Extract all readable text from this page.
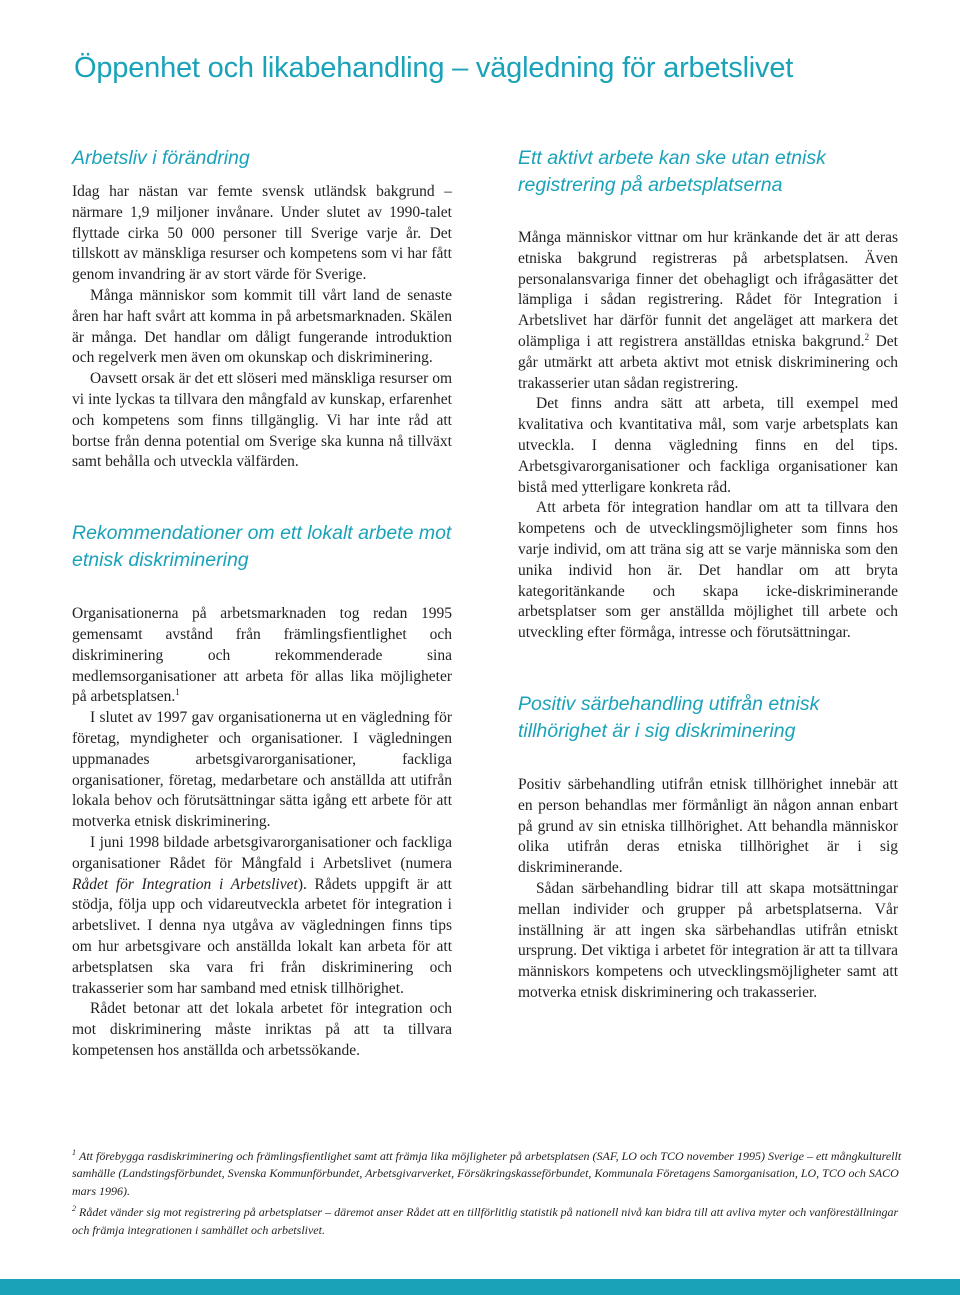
Öppenhet och likabehandling – vägledning för arbetslivet
Arbetsliv i förändring

Idag har nästan var femte svensk utländsk bakgrund – närmare 1,9 miljoner invånare. Under slutet av 1990-talet flyttade cirka 50 000 personer till Sverige varje år. Det tillskott av mänskliga resurser och kompetens som vi har fått genom invandring är av stort värde för Sverige.

Många människor som kommit till vårt land de senaste åren har haft svårt att komma in på arbetsmarknaden. Skälen är många. Det handlar om dåligt fungerande introduktion och regelverk men även om okunskap och diskriminering.

Oavsett orsak är det ett slöseri med mänskliga resurser om vi inte lyckas ta tillvara den mångfald av kunskap, erfarenhet och kompetens som finns tillgänglig. Vi har inte råd att bortse från denna potential om Sverige ska kunna nå tillväxt samt behålla och utveckla välfärden.

Rekommendationer om ett lokalt arbete mot etnisk diskriminering

Organisationerna på arbetsmarknaden tog redan 1995 gemensamt avstånd från främlingsfientlighet och diskriminering och rekommenderade sina medlemsorganisationer att arbeta för allas lika möjligheter på arbetsplatsen.$^1$

I slutet av 1997 gav organisationerna ut en vägledning för företag, myndigheter och organisationer. I vägledningen uppmanades arbetsgivarorganisationer, fackliga organisationer, företag, medarbetare och anställda att utifrån lokala behov och förutsättningar sätta igång ett arbete för att motverka etnisk diskriminering.

I juni 1998 bildade arbetsgivarorganisationer och fackliga organisationer Rådet för Mångfald i Arbetslivet (numera Rådet för Integration i Arbetslivet). Rådets uppgift är att stödja, följa upp och vidareutveckla arbetet för integration i arbetslivet. I denna nya utgåva av vägledningen finns tips om hur arbetsgivare och anställda lokalt kan arbeta för att arbetsplatsen ska vara fri från diskriminering och trakasserier som har samband med etnisk tillhörighet.

Rådet betonar att det lokala arbetet för integration och mot diskriminering måste inriktas på att ta tillvara kompetensen hos anställda och arbetssökande.

Ett aktivt arbete kan ske utan etnisk registrering på arbetsplatserna

Många människor vittnar om hur kränkande det är att deras etniska bakgrund registreras på arbetsplatsen. Även personalansvariga finner det obehagligt och ifrågasätter det lämpliga i sådan registrering. Rådet för Integration i Arbetslivet har därför funnit det angeläget att markera det olämpliga i att registrera anställdas etniska bakgrund.$^2$ Det går utmärkt att arbeta aktivt mot etnisk diskriminering och trakasserier utan sådan registrering.

Det finns andra sätt att arbeta, till exempel med kvalitativa och kvantitativa mål, som varje arbetsplats kan utveckla. I denna vägledning finns en del tips. Arbetsgivarorganisationer och fackliga organisationer kan bistå med ytterligare konkreta råd.

Att arbeta för integration handlar om att ta tillvara den kompetens och de utvecklingsmöjligheter som finns hos varje individ, om att träna sig att se varje människa som den unika individ hon är. Det handlar om att bryta kategoritänkande och skapa icke-diskriminerande arbetsplatser som ger anställda möjlighet till arbete och utveckling efter förmåga, intresse och förutsättningar.

Positiv särbehandling utifrån etnisk tillhörighet är i sig diskriminering

Positiv särbehandling utifrån etnisk tillhörighet innebär att en person behandlas mer förmånligt än någon annan enbart på grund av sin etniska tillhörighet. Att behandla människor olika utifrån deras etniska tillhörighet är i sig diskriminerande.

Sådan särbehandling bidrar till att skapa motsättningar mellan individer och grupper på arbetsplatserna. Vår inställning är att ingen ska särbehandlas utifrån etniskt ursprung. Det viktiga i arbetet för integration är att ta tillvara människors kompetens och utvecklingsmöjligheter samt att motverka etnisk diskriminering och trakasserier.

$^1$ Att förebygga rasdiskriminering och främlingsfientlighet samt att främja lika möjligheter på arbetsplatsen (SAF, LO och TCO november 1995) Sverige – ett mångkulturellt samhälle (Landstingsförbundet, Svenska Kommunförbundet, Arbetsgivarverket, Försäkringskasseförbundet, Kommunala Företagens Samorganisation, LO, TCO och SACO mars 1996).

$^2$ Rådet vänder sig mot registrering på arbetsplatser – däremot anser Rådet att en tillförlitlig statistik på nationell nivå kan bidra till att avliva myter och vanföreställningar och främja integrationen i samhället och arbetslivet.
